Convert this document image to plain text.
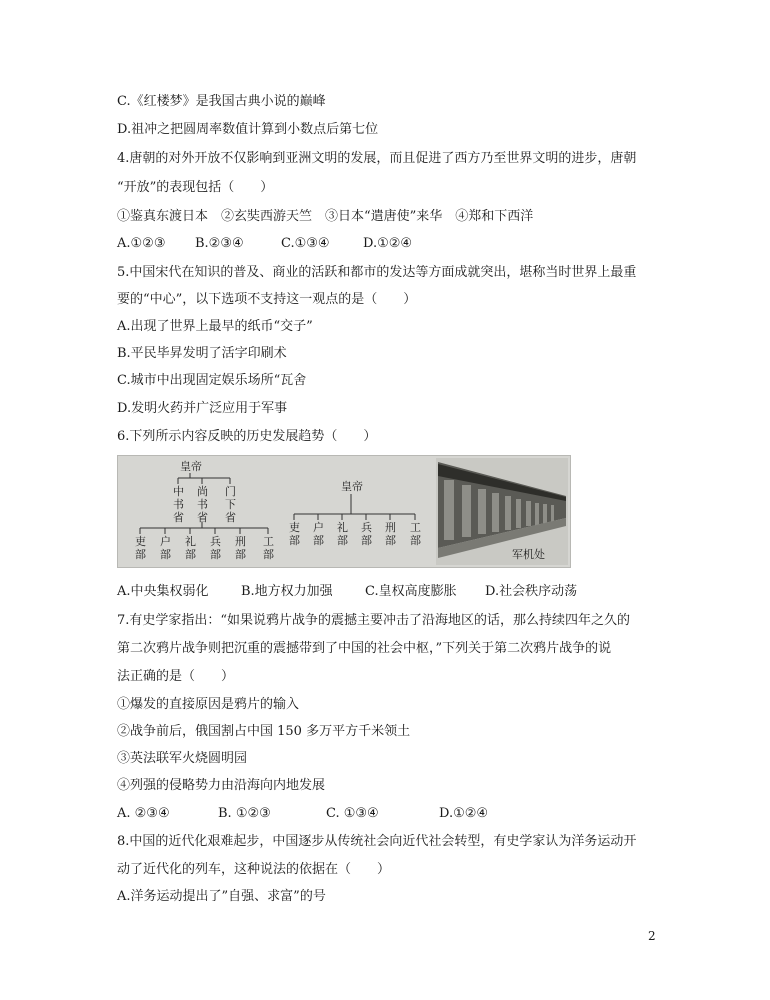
C.《红楼梦》是我国古典小说的巅峰
D.祖冲之把圆周率数值计算到小数点后第七位
4.唐朝的对外开放不仅影响到亚洲文明的发展，而且促进了西方乃至世界文明的进步，唐朝
“开放”的表现包括（　　）
①鉴真东渡日本　②玄奘西游天竺　③日本“遣唐使”来华　④郑和下西洋
A.①②③	B.②③④	C.①③④	D.①②④
5.中国宋代在知识的普及、商业的活跃和都市的发达等方面成就突出，堪称当时世界上最重
要的“中心”，以下选项不支持这一观点的是（　　）
A.出现了世界上最早的纸币“交子”
B.平民毕昇发明了活字印刷术
C.城市中出现固定娱乐场所“瓦舍
D.发明火药并广泛应用于军事
6.下列所示内容反映的历史发展趋势（　　）
皇帝
中书省
尚书省
门下省
吏部
户部
礼部
兵部
刑部
工部
皇帝
吏部
户部
礼部
兵部
刑部
工部
军机处
A.中央集权弱化	B.地方权力加强	C.皇权高度膨胀	D.社会秩序动荡
7.有史学家指出：“如果说鸦片战争的震撼主要冲击了沿海地区的话，那么持续四年之久的
第二次鸦片战争则把沉重的震撼带到了中国的社会中枢，”下列关于第二次鸦片战争的说
法正确的是（　　）
①爆发的直接原因是鸦片的输入
②战争前后，俄国割占中国 150 多万平方千米领土
③英法联军火烧圆明园
④列强的侵略势力由沿海向内地发展
A. ②③④	B. ①②③	C. ①③④	D.①②④
8.中国的近代化艰难起步，中国逐步从传统社会向近代社会转型，有史学家认为洋务运动开
动了近代化的列车，这种说法的依据在（　　）
A.洋务运动提出了”自强、求富”的号
2
